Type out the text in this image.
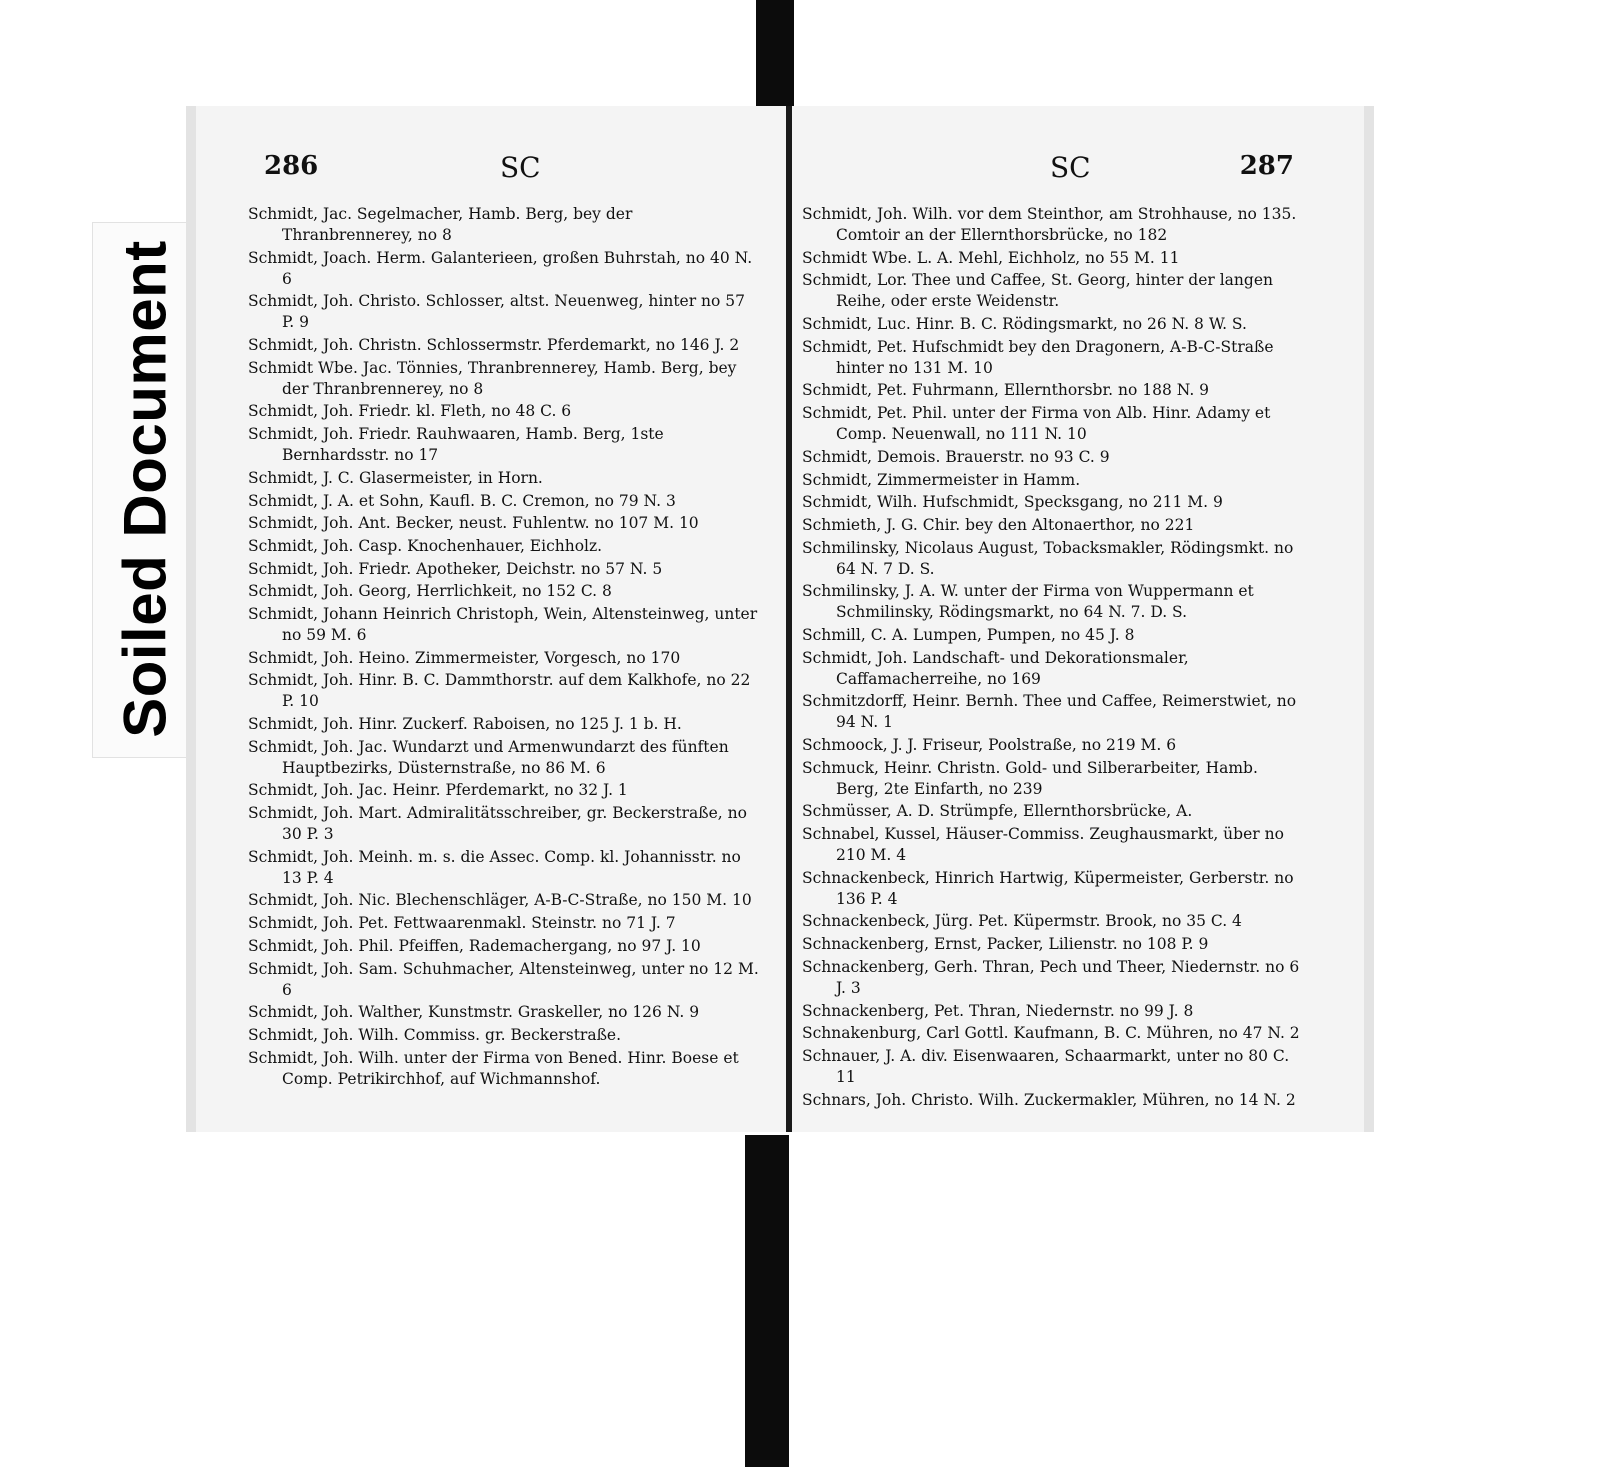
Soiled Document
286	SC
Schmidt, Jac. Segelmacher, Hamb. Berg, bey der Thranbrennerey, no 8
Schmidt, Joach. Herm. Galanterieen, großen Buhrstah, no 40 N. 6
Schmidt, Joh. Christo. Schlosser, altst. Neuenweg, hinter no 57 P. 9
Schmidt, Joh. Christn. Schlossermstr. Pferdemarkt, no 146 J. 2
Schmidt Wbe. Jac. Tönnies, Thranbrennerey, Hamb. Berg, bey der Thranbrennerey, no 8
Schmidt, Joh. Friedr. kl. Fleth, no 48 C. 6
Schmidt, Joh. Friedr. Rauhwaaren, Hamb. Berg, 1ste Bernhardsstr. no 17
Schmidt, J. C. Glasermeister, in Horn.
Schmidt, J. A. et Sohn, Kaufl. B. C. Cremon, no 79 N. 3
Schmidt, Joh. Ant. Becker, neust. Fuhlentw. no 107 M. 10
Schmidt, Joh. Casp. Knochenhauer, Eichholz.
Schmidt, Joh. Friedr. Apotheker, Deichstr. no 57 N. 5
Schmidt, Joh. Georg, Herrlichkeit, no 152 C. 8
Schmidt, Johann Heinrich Christoph, Wein, Altensteinweg, unter no 59 M. 6
Schmidt, Joh. Heino. Zimmermeister, Vorgesch, no 170
Schmidt, Joh. Hinr. B. C. Dammthorstr. auf dem Kalkhofe, no 22 P. 10
Schmidt, Joh. Hinr. Zuckerf. Raboisen, no 125 J. 1 b. H.
Schmidt, Joh. Jac. Wundarzt und Armenwundarzt des fünften Hauptbezirks, Düsternstraße, no 86 M. 6
Schmidt, Joh. Jac. Heinr. Pferdemarkt, no 32 J. 1
Schmidt, Joh. Mart. Admiralitätsschreiber, gr. Beckerstraße, no 30 P. 3
Schmidt, Joh. Meinh. m. s. die Assec. Comp. kl. Johannisstr. no 13 P. 4
Schmidt, Joh. Nic. Blechenschläger, A-B-C-Straße, no 150 M. 10
Schmidt, Joh. Pet. Fettwaarenmakl. Steinstr. no 71 J. 7
Schmidt, Joh. Phil. Pfeiffen, Rademachergang, no 97 J. 10
Schmidt, Joh. Sam. Schuhmacher, Altensteinweg, unter no 12 M. 6
Schmidt, Joh. Walther, Kunstmstr. Graskeller, no 126 N. 9
Schmidt, Joh. Wilh. Commiss. gr. Beckerstraße.
Schmidt, Joh. Wilh. unter der Firma von Bened. Hinr. Boese et Comp. Petrikirchhof, auf Wichmannshof.
SC	287
Schmidt, Joh. Wilh. vor dem Steinthor, am Strohhause, no 135. Comtoir an der Ellernthorsbrücke, no 182
Schmidt Wbe. L. A. Mehl, Eichholz, no 55 M. 11
Schmidt, Lor. Thee und Caffee, St. Georg, hinter der langen Reihe, oder erste Weidenstr.
Schmidt, Luc. Hinr. B. C. Rödingsmarkt, no 26 N. 8 W. S.
Schmidt, Pet. Hufschmidt bey den Dragonern, A-B-C-Straße hinter no 131 M. 10
Schmidt, Pet. Fuhrmann, Ellernthorsbr. no 188 N. 9
Schmidt, Pet. Phil. unter der Firma von Alb. Hinr. Adamy et Comp. Neuenwall, no 111 N. 10
Schmidt, Demois. Brauerstr. no 93 C. 9
Schmidt, Zimmermeister in Hamm.
Schmidt, Wilh. Hufschmidt, Specksgang, no 211 M. 9
Schmieth, J. G. Chir. bey den Altonaerthor, no 221
Schmilinsky, Nicolaus August, Tobacksmakler, Rödingsmkt. no 64 N. 7 D. S.
Schmilinsky, J. A. W. unter der Firma von Wuppermann et Schmilinsky, Rödingsmarkt, no 64 N. 7. D. S.
Schmill, C. A. Lumpen, Pumpen, no 45 J. 8
Schmidt, Joh. Landschaft- und Dekorationsmaler, Caffamacherreihe, no 169
Schmitzdorff, Heinr. Bernh. Thee und Caffee, Reimerstwiet, no 94 N. 1
Schmoock, J. J. Friseur, Poolstraße, no 219 M. 6
Schmuck, Heinr. Christn. Gold- und Silberarbeiter, Hamb. Berg, 2te Einfarth, no 239
Schmüsser, A. D. Strümpfe, Ellernthorsbrücke, A.
Schnabel, Kussel, Häuser-Commiss. Zeughausmarkt, über no 210 M. 4
Schnackenbeck, Hinrich Hartwig, Küpermeister, Gerberstr. no 136 P. 4
Schnackenbeck, Jürg. Pet. Küpermstr. Brook, no 35 C. 4
Schnackenberg, Ernst, Packer, Lilienstr. no 108 P. 9
Schnackenberg, Gerh. Thran, Pech und Theer, Niedernstr. no 6 J. 3
Schnackenberg, Pet. Thran, Niedernstr. no 99 J. 8
Schnakenburg, Carl Gottl. Kaufmann, B. C. Mühren, no 47 N. 2
Schnauer, J. A. div. Eisenwaaren, Schaarmarkt, unter no 80 C. 11
Schnars, Joh. Christo. Wilh. Zuckermakler, Mühren, no 14 N. 2
